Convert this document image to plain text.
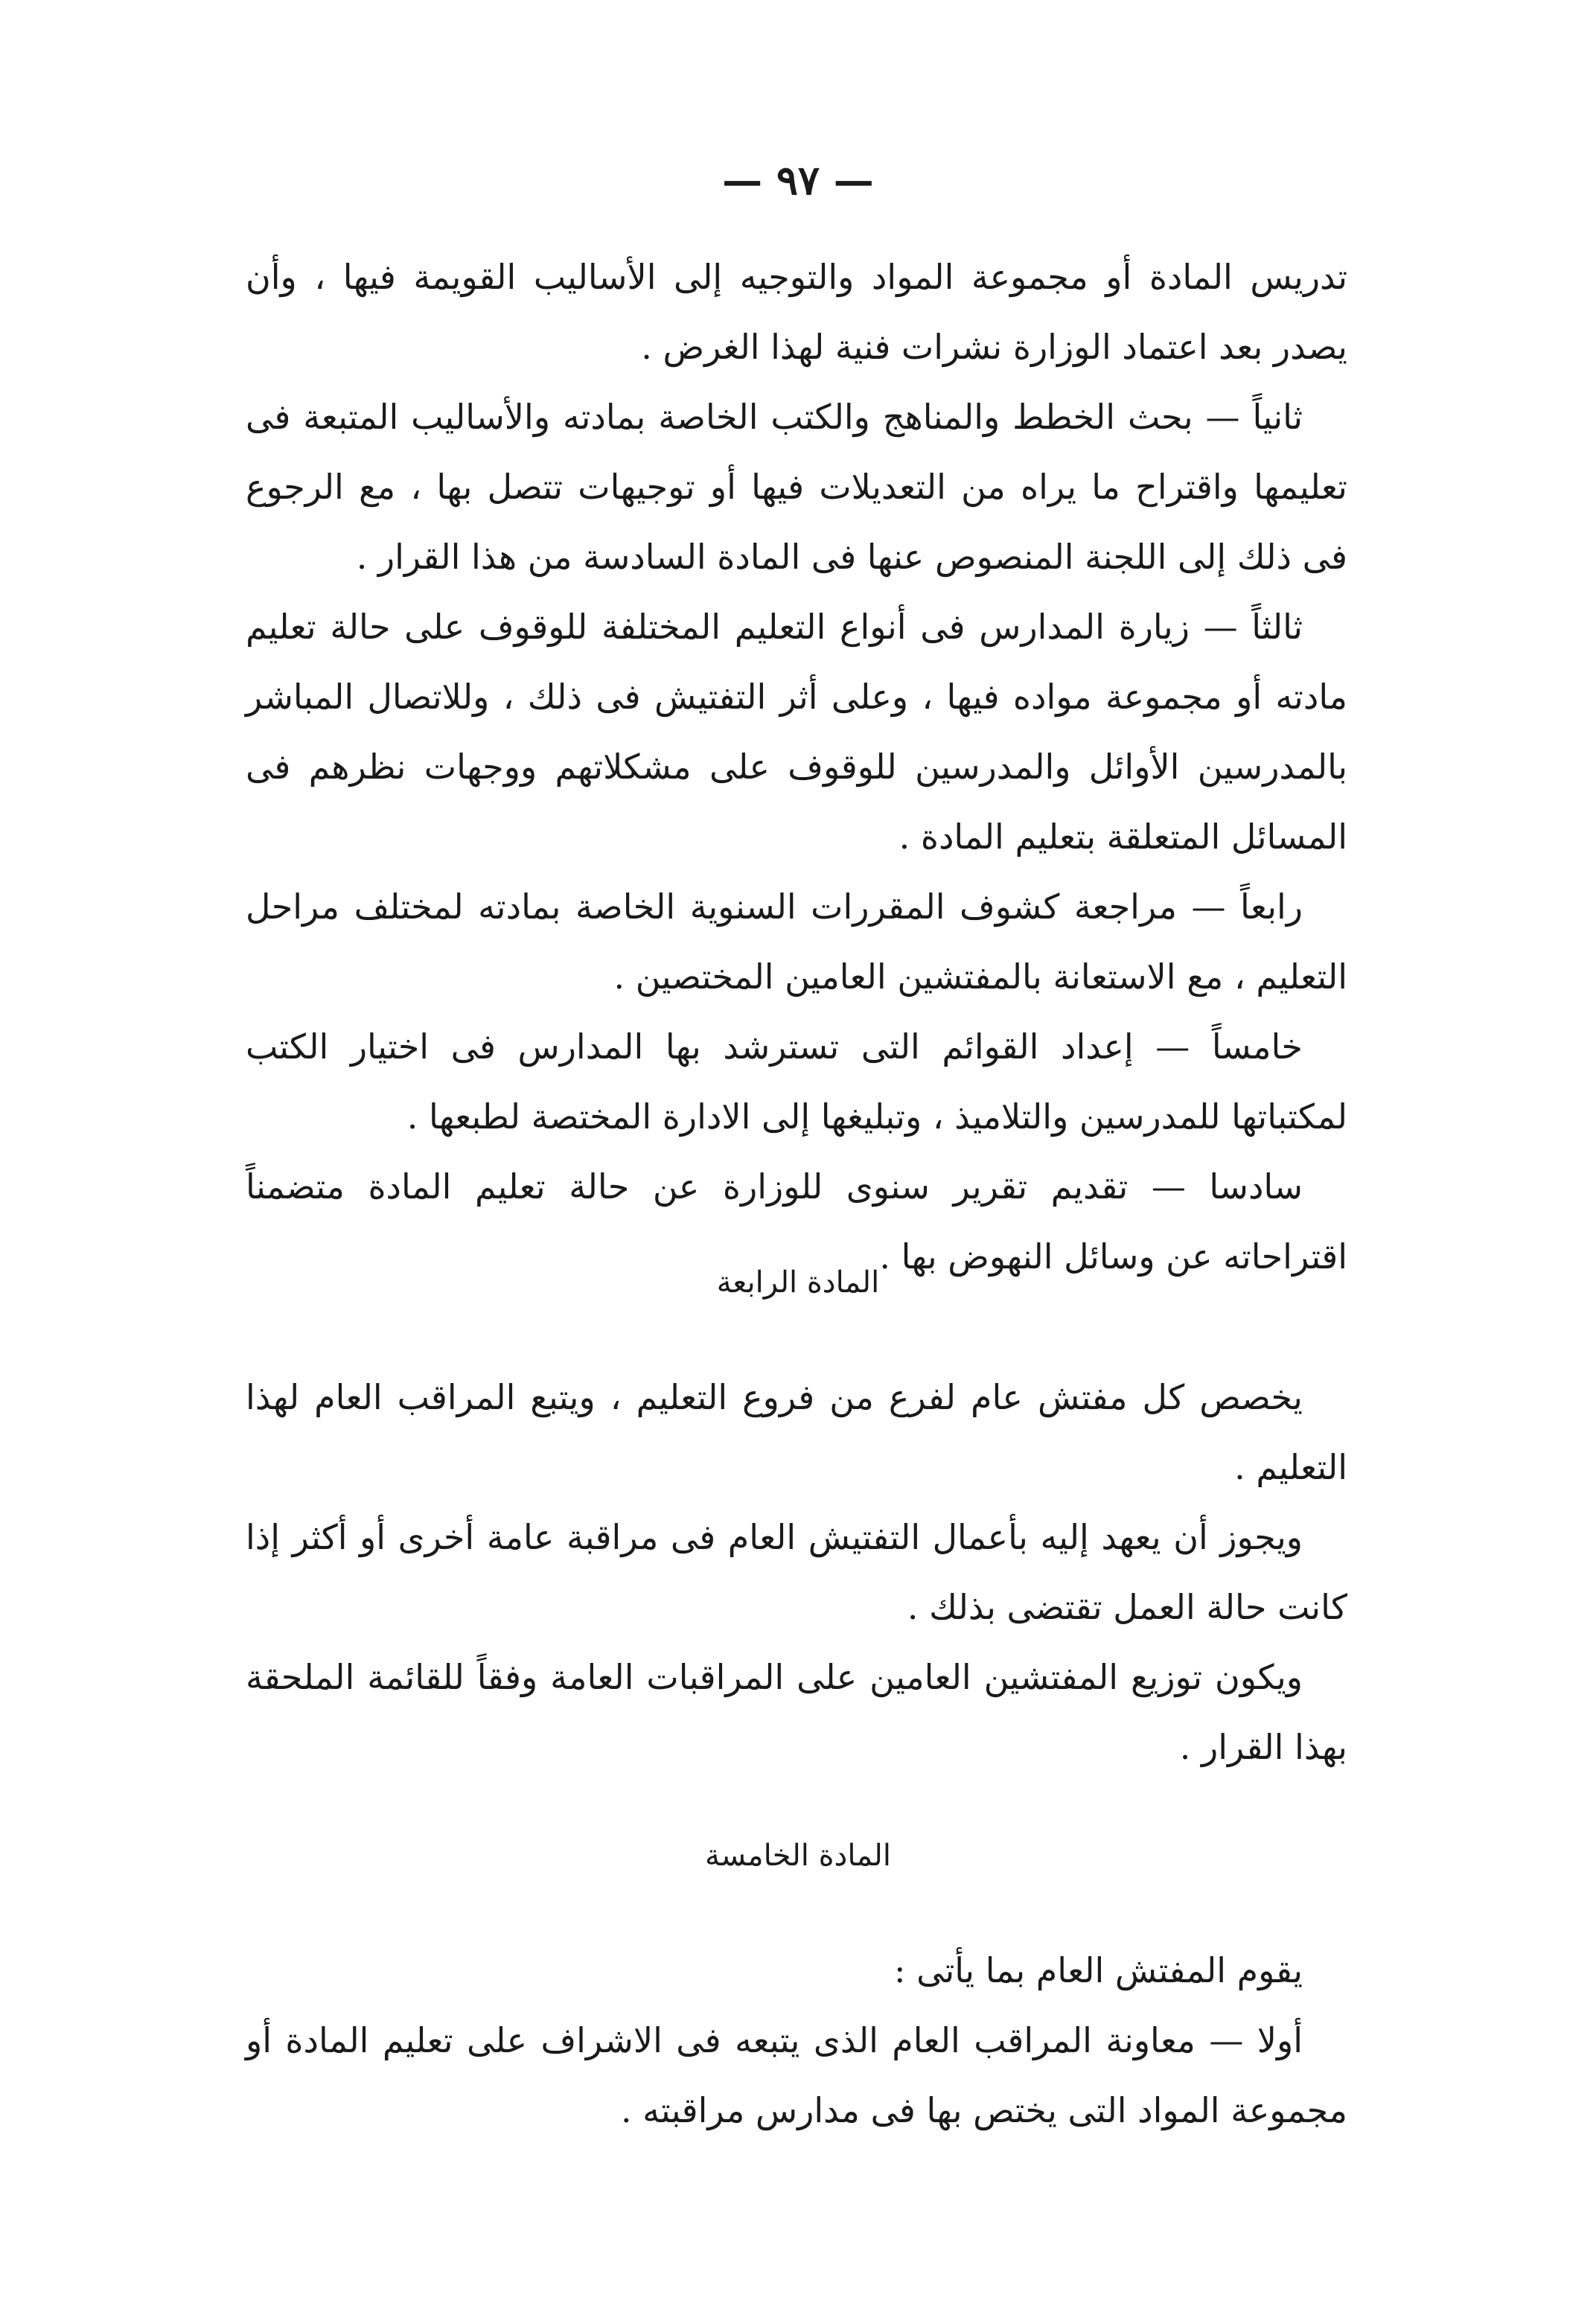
— ٩٧ —

تدريس المادة أو مجموعة المواد والتوجيه إلى الأساليب القويمة فيها ، وأن يصدر بعد اعتماد الوزارة نشرات فنية لهذا الغرض .

ثانياً — بحث الخطط والمناهج والكتب الخاصة بمادته والأساليب المتبعة فى تعليمها واقتراح ما يراه من التعديلات فيها أو توجيهات تتصل بها ، مع الرجوع فى ذلك إلى اللجنة المنصوص عنها فى المادة السادسة من هذا القرار .

ثالثاً — زيارة المدارس فى أنواع التعليم المختلفة للوقوف على حالة تعليم مادته أو مجموعة مواده فيها ، وعلى أثر التفتيش فى ذلك ، وللاتصال المباشر بالمدرسين الأوائل والمدرسين للوقوف على مشكلاتهم ووجهات نظرهم فى المسائل المتعلقة بتعليم المادة .

رابعاً — مراجعة كشوف المقررات السنوية الخاصة بمادته لمختلف مراحل التعليم ، مع الاستعانة بالمفتشين العامين المختصين .

خامساً — إعداد القوائم التى تسترشد بها المدارس فى اختيار الكتب لمكتباتها للمدرسين والتلاميذ ، وتبليغها إلى الادارة المختصة لطبعها .

سادسا — تقديم تقرير سنوى للوزارة عن حالة تعليم المادة متضمناً اقتراحاته عن وسائل النهوض بها .

المادة الرابعة

يخصص كل مفتش عام لفرع من فروع التعليم ، ويتبع المراقب العام لهذا التعليم .

ويجوز أن يعهد إليه بأعمال التفتيش العام فى مراقبة عامة أخرى أو أكثر إذا كانت حالة العمل تقتضى بذلك .

ويكون توزيع المفتشين العامين على المراقبات العامة وفقاً للقائمة الملحقة بهذا القرار .

المادة الخامسة

يقوم المفتش العام بما يأتى :

أولا — معاونة المراقب العام الذى يتبعه فى الاشراف على تعليم المادة أو مجموعة المواد التى يختص بها فى مدارس مراقبته .
